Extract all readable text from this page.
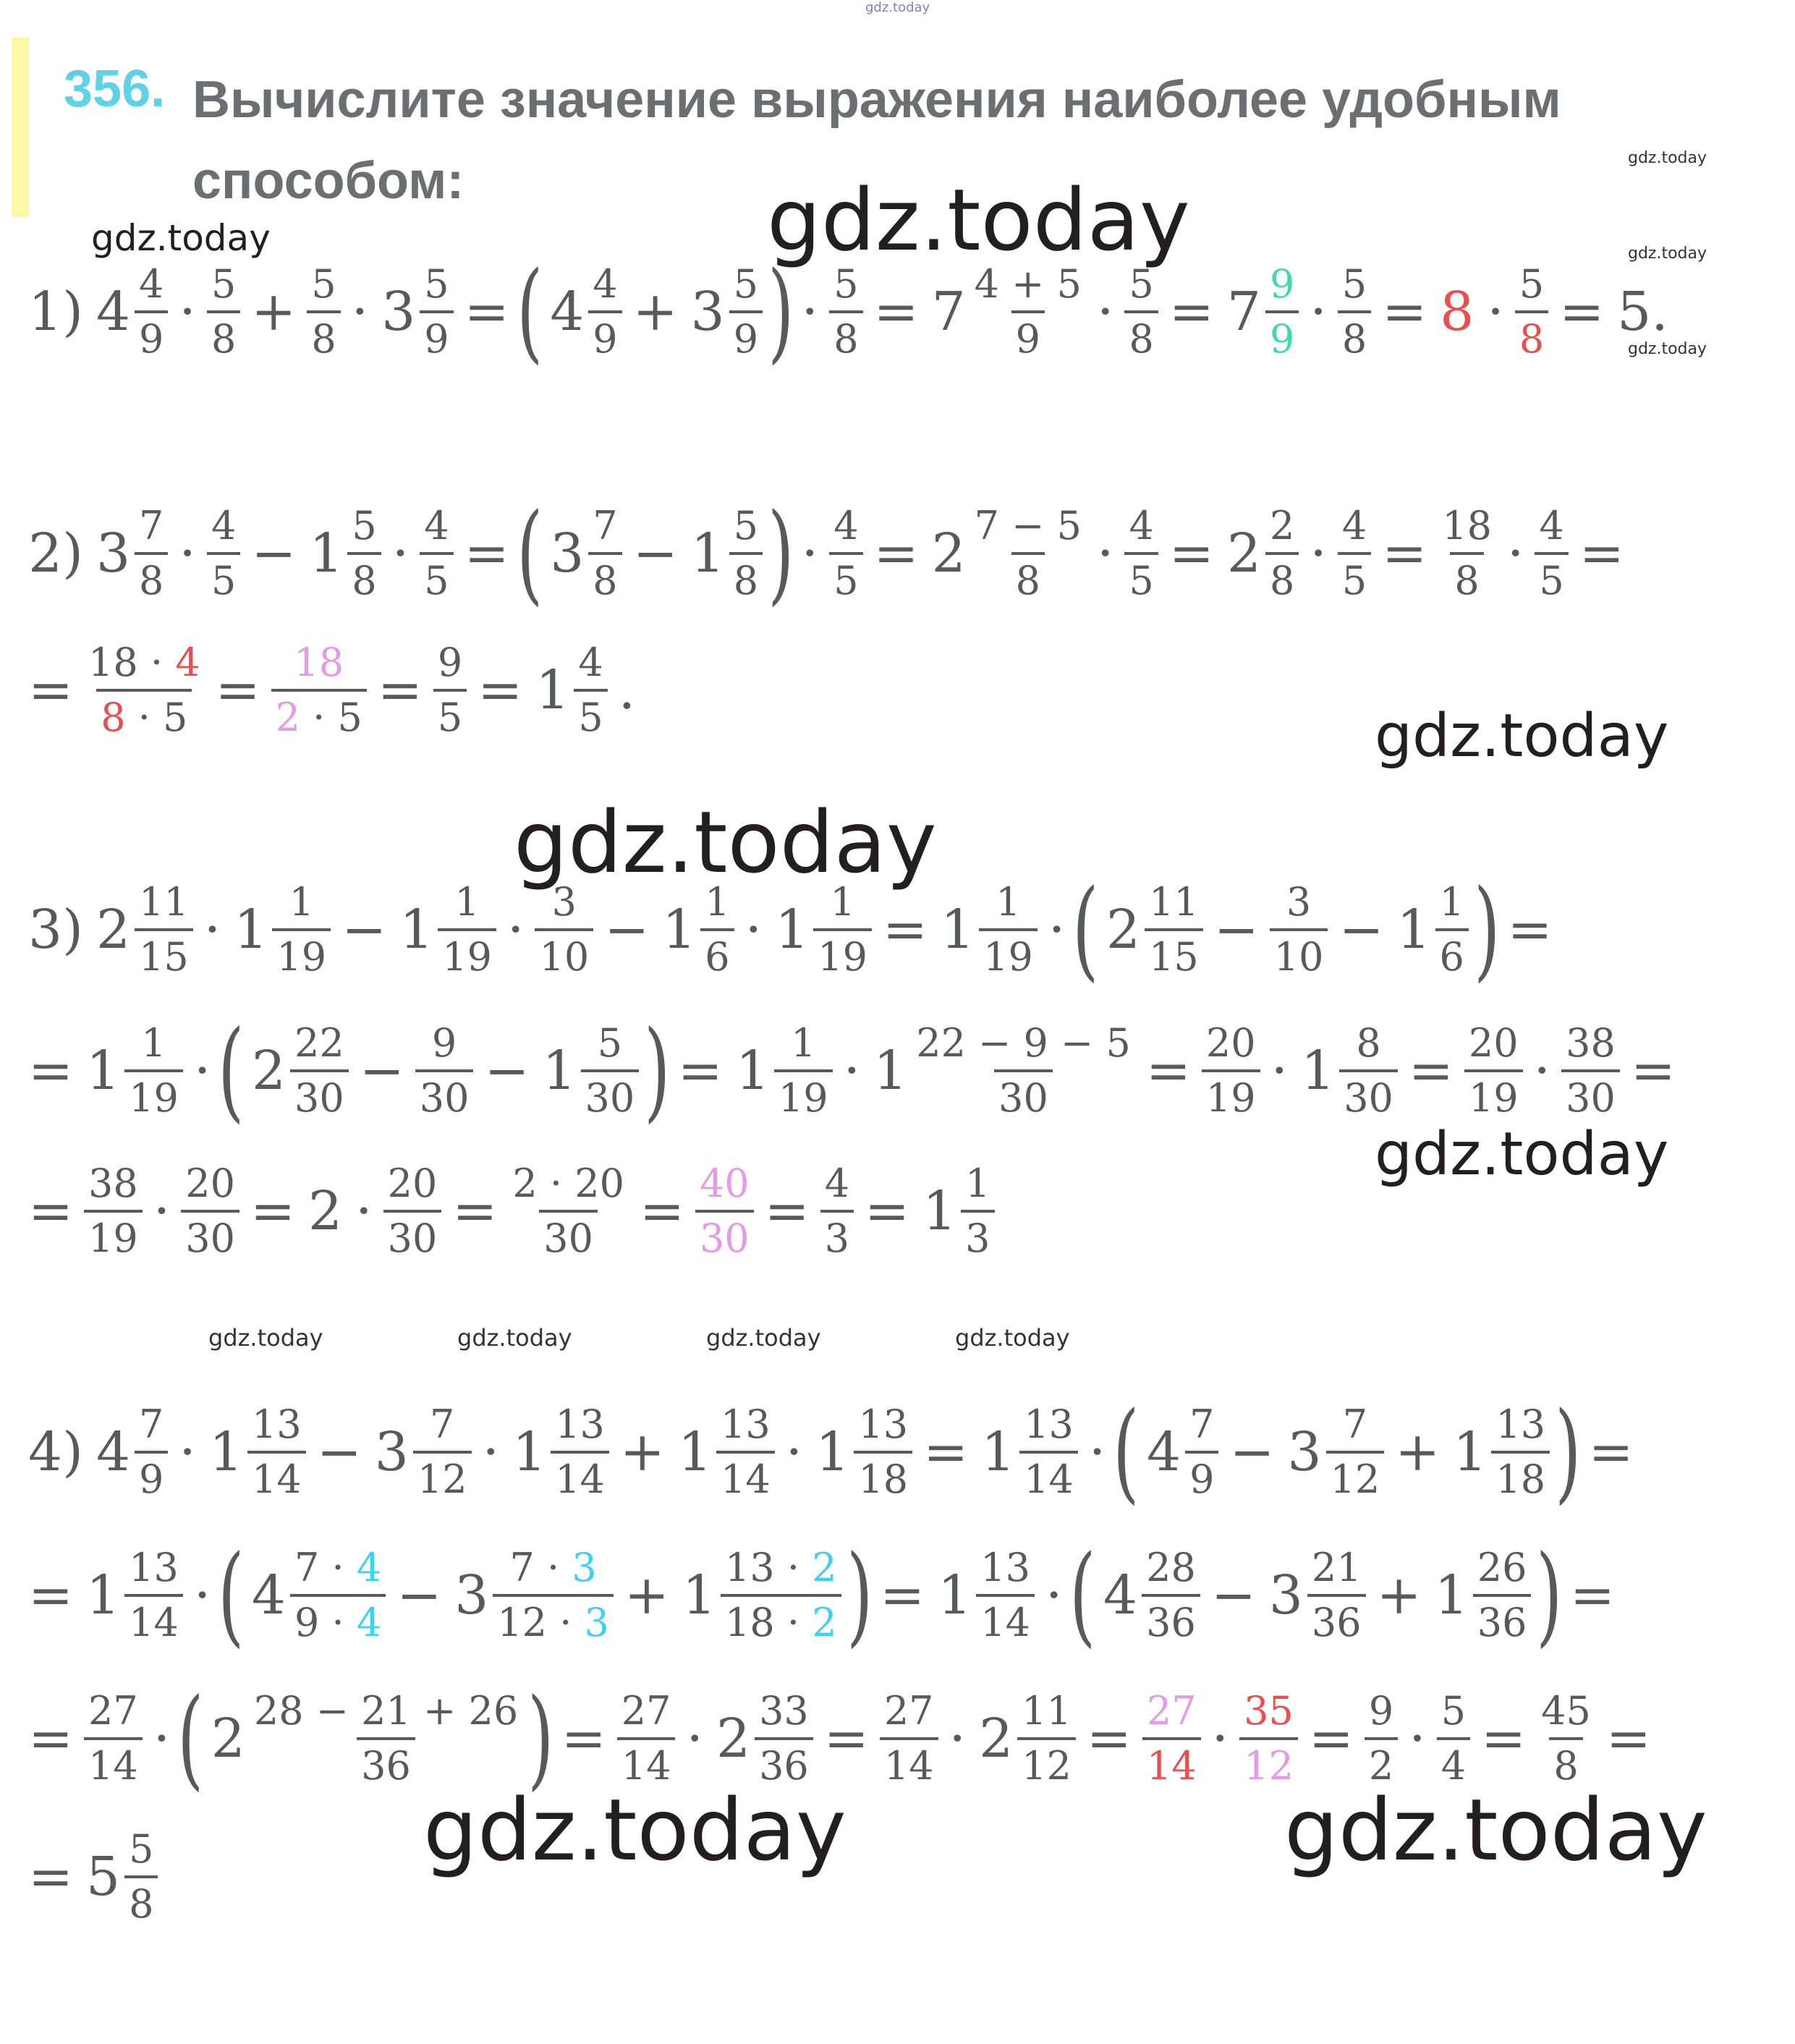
356. Вычислите значение выражения наиболее удобным
способом:
gdz.today
gdz.today
gdz.today
gdz.today
gdz.today
gdz.today
1) $4 \frac{4}{9} \cdot \frac{5}{8} + \frac{5}{8} \cdot 3 \frac{5}{9}$ = ( $4 \frac{4}{9} + 3 \frac{5}{9}$ ) · $\frac{5}{8} = 7 \frac{4 + 5}{9} \cdot \frac{5}{8} = 7 \frac{9}{9} \cdot \frac{5}{8} = 8 \cdot \frac{5}{8} = 5$.
2) $3 \frac{7}{8} \cdot \frac{4}{5} - 1 \frac{5}{8} \cdot \frac{4}{5}$ = ( $3 \frac{7}{8} - 1 \frac{5}{8}$ ) · $\frac{4}{5} = 2 \frac{7 - 5}{8} \cdot \frac{4}{5} = 2 \frac{2}{8} \cdot \frac{4}{5} = \frac{18}{8} \cdot \frac{4}{5}$ =
= $\frac{18 \cdot 4}{8 \cdot 5} = \frac{18}{2 \cdot 5} = \frac{9}{5} = 1 \frac{4}{5}$ .
gdz.today
gdz.today
3) $2 \frac{11}{15} \cdot 1 \frac{1}{19} - 1 \frac{1}{19} \cdot \frac{3}{10} - 1 \frac{1}{6} \cdot 1 \frac{1}{19} = 1 \frac{1}{19}$ · ( $2 \frac{11}{15} - \frac{3}{10} - 1 \frac{1}{6}$ ) =
= $1 \frac{1}{19}$ · ( $2 \frac{22}{30} - \frac{9}{30} - 1 \frac{5}{30}$ ) = $1 \frac{1}{19} \cdot 1 \frac{22 - 9 - 5}{30} = \frac{20}{19} \cdot 1 \frac{8}{30} = \frac{20}{19} \cdot \frac{38}{30}$ =
gdz.today
= $\frac{38}{19} \cdot \frac{20}{30} = 2 \cdot \frac{20}{30} = \frac{2 \cdot 20}{30} = \frac{40}{30} = \frac{4}{3} = 1 \frac{1}{3}$
gdz.today	gdz.today	gdz.today	gdz.today
4) $4 \frac{7}{9} \cdot 1 \frac{13}{14} - 3 \frac{7}{12} \cdot 1 \frac{13}{14} + 1 \frac{13}{14} \cdot 1 \frac{13}{18} = 1 \frac{13}{14}$ · ( $4 \frac{7}{9} - 3 \frac{7}{12} + 1 \frac{13}{18}$ ) =
= $1 \frac{13}{14}$ · ( $4 \frac{7 \cdot 4}{9 \cdot 4} - 3 \frac{7 \cdot 3}{12 \cdot 3} + 1 \frac{13 \cdot 2}{18 \cdot 2}$ ) = $1 \frac{13}{14}$ · ( $4 \frac{28}{36} - 3 \frac{21}{36} + 1 \frac{26}{36}$ ) =
= $\frac{27}{14}$ · ( $2 \frac{28 - 21 + 26}{36}$ ) = $\frac{27}{14} \cdot 2 \frac{33}{36} = \frac{27}{14} \cdot 2 \frac{11}{12} = \frac{27}{14} \cdot \frac{35}{12} = \frac{9}{2} \cdot \frac{5}{4} = \frac{45}{8}$ =
= $5 \frac{5}{8}$	gdz.today	gdz.today
